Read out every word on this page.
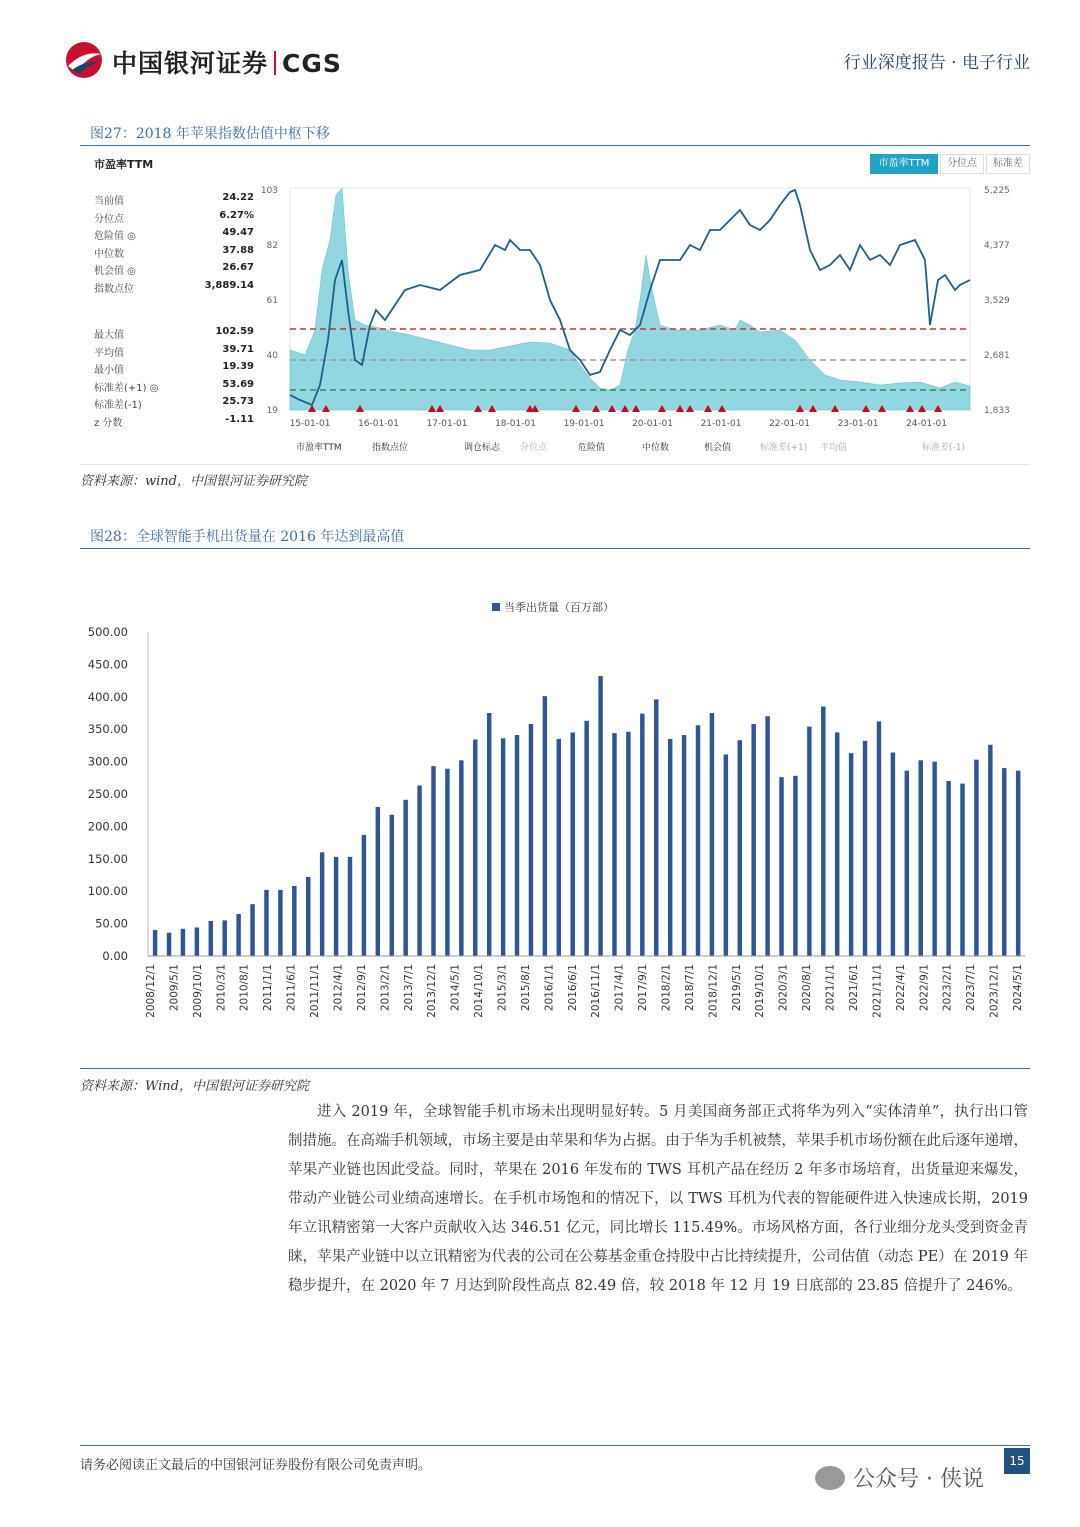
中国银河证券 CGS	行业深度报告 · 电子行业
图27：2018 年苹果指数估值中枢下移
市盈率TTM	市盈率TTM	分位点	标准差
当前值	24.22
分位点	6.27%
危险值 ◎	49.47
中位数	37.88
机会值 ◎	26.67
指数点位	3,889.14
最大值	102.59
平均值	39.71
最小值	19.39
标准差(+1) ◎	53.69
标准差(-1)	25.73
z 分数	-1.11
103
82
61
40
19
5,225
4,377
3,529
2,681
1,833
15-01-01	16-01-01	17-01-01	18-01-01	19-01-01	20-01-01	21-01-01	22-01-01	23-01-01	24-01-01
市盈率TTM	指数点位	调仓标志 分位点	危险值	中位数	机会值	标准差(+1) 平均值	标准差(-1)
资料来源：wind，中国银河证券研究院
图28：全球智能手机出货量在 2016 年达到最高值
当季出货量（百万部）
500.00
450.00
400.00
350.00
300.00
250.00
200.00
150.00
100.00
50.00
0.00
2008/12/1 2009/5/1 2009/10/1 2010/3/1 2010/8/1 2011/1/1 2011/6/1 2011/11/1 2012/4/1 2012/9/1 2013/2/1 2013/7/1 2013/12/1 2014/5/1 2014/10/1 2015/3/1 2015/8/1 2016/1/1 2016/6/1 2016/11/1 2017/4/1 2017/9/1 2018/2/1 2018/7/1 2018/12/1 2019/5/1 2019/10/1 2020/3/1 2020/8/1 2021/1/1 2021/6/1 2021/11/1 2022/4/1 2022/9/1 2023/2/1 2023/7/1 2023/12/1 2024/5/1
资料来源：Wind，中国银河证券研究院

进入 2019 年，全球智能手机市场未出现明显好转。5 月美国商务部正式将华为列入“实体清单”，执行出口管制措施。在高端手机领域，市场主要是由苹果和华为占据。由于华为手机被禁，苹果手机市场份额在此后逐年递增，苹果产业链也因此受益。同时，苹果在 2016 年发布的 TWS 耳机产品在经历 2 年多市场培育，出货量迎来爆发，带动产业链公司业绩高速增长。在手机市场饱和的情况下，以 TWS 耳机为代表的智能硬件进入快速成长期，2019 年立讯精密第一大客户贡献收入达 346.51 亿元，同比增长 115.49%。市场风格方面，各行业细分龙头受到资金青睐，苹果产业链中以立讯精密为代表的公司在公募基金重仓持股中占比持续提升，公司估值（动态 PE）在 2019 年稳步提升，在 2020 年 7 月达到阶段性高点 82.49 倍，较 2018 年 12 月 19 日底部的 23.85 倍提升了 246%。

请务必阅读正文最后的中国银河证券股份有限公司免责声明。	15
公众号 · 侠说
